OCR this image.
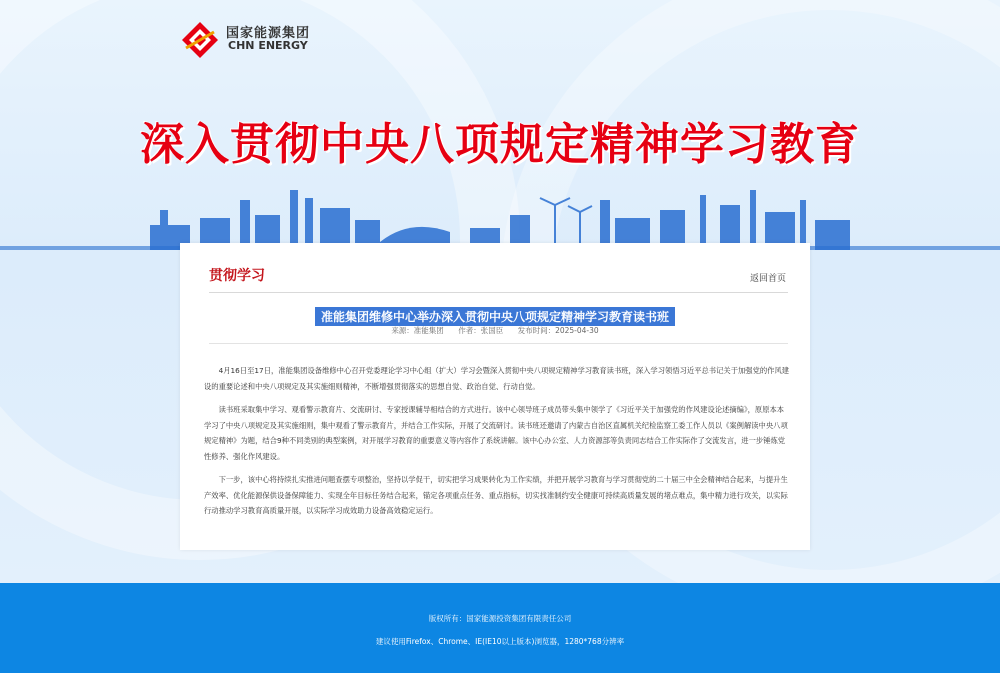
国家能源集团
CHN ENERGY
深入贯彻中央八项规定精神学习教育
贯彻学习	返回首页
准能集团维修中心举办深入贯彻中央八项规定精神学习教育读书班
来源：准能集团 作者：张国臣 发布时间：2025-04-30

4月16日至17日，准能集团设备维修中心召开党委理论学习中心组（扩大）学习会暨深入贯彻中央八项规定精神学习教育读书班，深入学习领悟习近平总书记关于加强党的作风建设的重要论述和中央八项规定及其实施细则精神，不断增强贯彻落实的思想自觉、政治自觉、行动自觉。

读书班采取集中学习、观看警示教育片、交流研讨、专家授课辅导相结合的方式进行。该中心领导班子成员带头集中领学了《习近平关于加强党的作风建设论述摘编》，原原本本学习了中央八项规定及其实施细则，集中观看了警示教育片，并结合工作实际，开展了交流研讨。读书班还邀请了内蒙古自治区直属机关纪检监察工委工作人员以《案例解读中央八项规定精神》为题，结合9种不同类别的典型案例，对开展学习教育的重要意义等内容作了系统讲解。该中心办公室、人力资源部等负责同志结合工作实际作了交流发言，进一步锤炼党性修养、强化作风建设。

下一步，该中心将持续扎实推进问题查摆专项整治，坚持以学促干，切实把学习成果转化为工作实绩，并把开展学习教育与学习贯彻党的二十届三中全会精神结合起来，与提升生产效率、优化能源保供设备保障能力、实现全年目标任务结合起来，锚定各项重点任务、重点指标，切实找准制约安全健康可持续高质量发展的堵点难点，集中精力进行攻关，以实际行动推动学习教育高质量开展，以实际学习成效助力设备高效稳定运行。

版权所有：国家能源投资集团有限责任公司
建议使用Firefox、Chrome、IE(IE10以上版本)浏览器，1280*768分辨率
